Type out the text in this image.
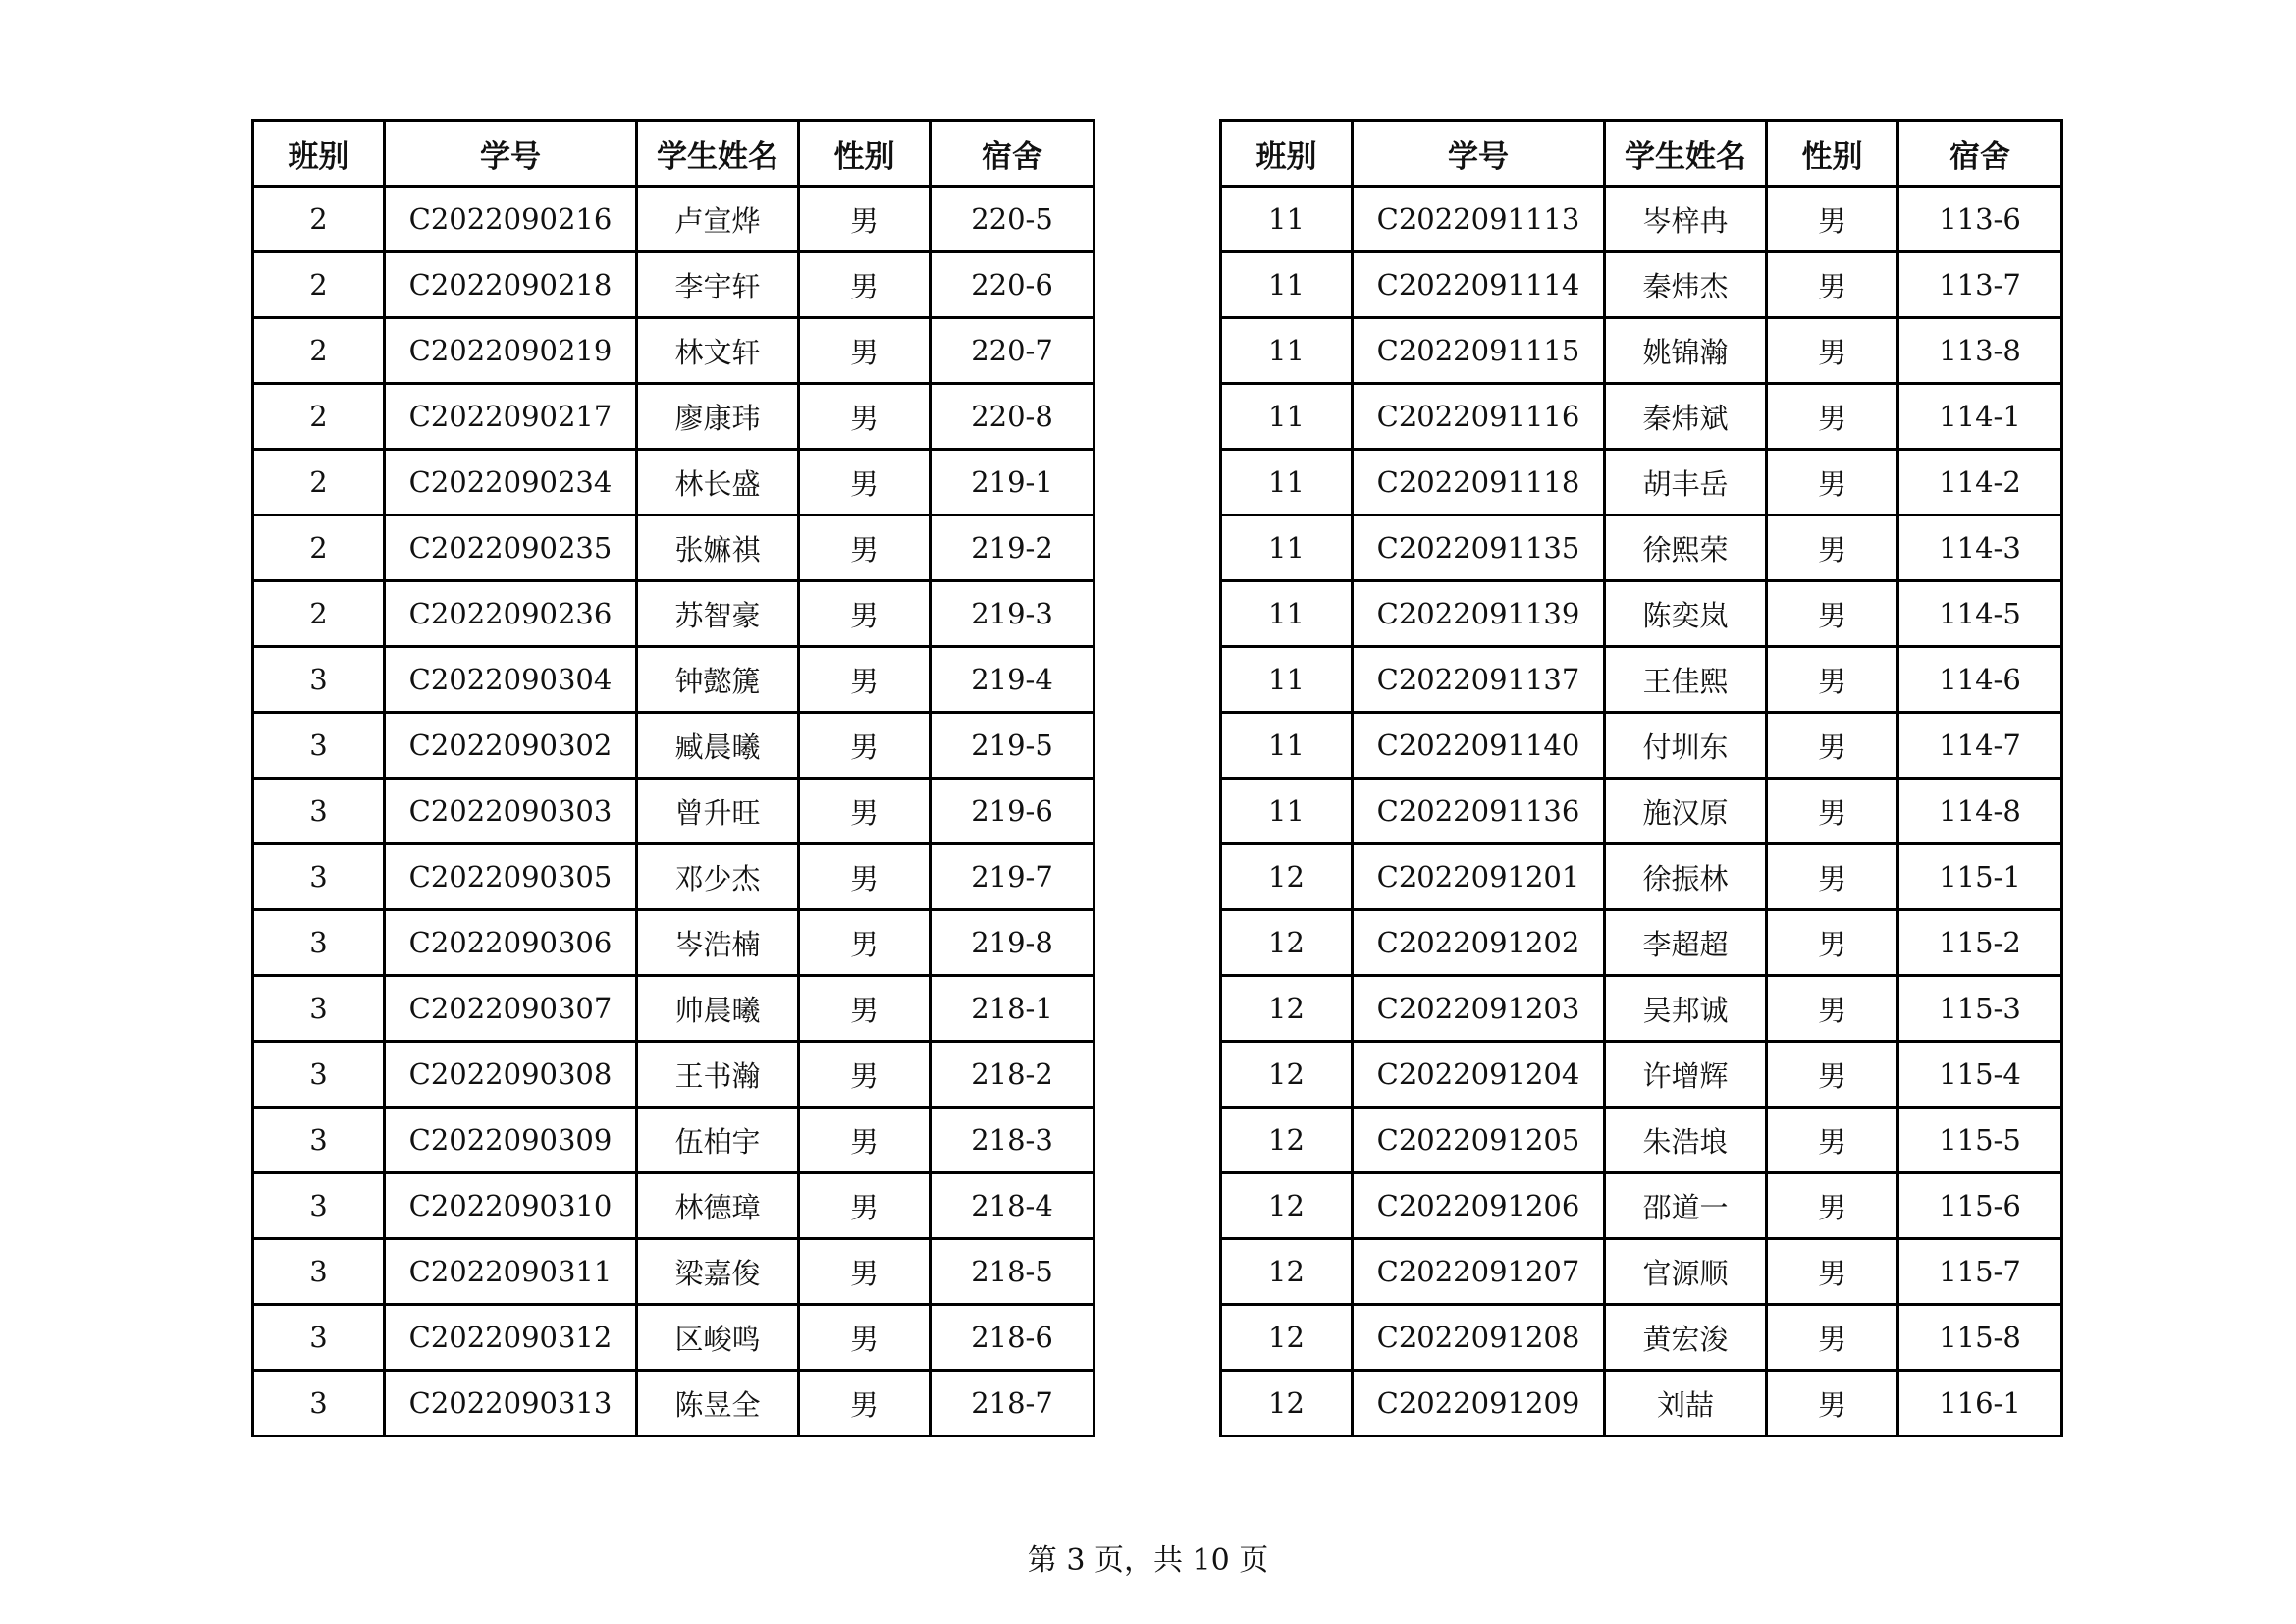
班别	学号	学生姓名	性别	宿舍
2	C2022090216	卢宣烨	男	220-5
2	C2022090218	李宇轩	男	220-6
2	C2022090219	林文轩	男	220-7
2	C2022090217	廖康玮	男	220-8
2	C2022090234	林长盛	男	219-1
2	C2022090235	张嫲祺	男	219-2
2	C2022090236	苏智豪	男	219-3
3	C2022090304	钟懿篪	男	219-4
3	C2022090302	臧晨曦	男	219-5
3	C2022090303	曾升旺	男	219-6
3	C2022090305	邓少杰	男	219-7
3	C2022090306	岑浩楠	男	219-8
3	C2022090307	帅晨曦	男	218-1
3	C2022090308	王书瀚	男	218-2
3	C2022090309	伍柏宇	男	218-3
3	C2022090310	林德璋	男	218-4
3	C2022090311	梁嘉俊	男	218-5
3	C2022090312	区峻鸣	男	218-6
3	C2022090313	陈昱全	男	218-7
班别	学号	学生姓名	性别	宿舍
11	C2022091113	岑梓冉	男	113-6
11	C2022091114	秦炜杰	男	113-7
11	C2022091115	姚锦瀚	男	113-8
11	C2022091116	秦炜斌	男	114-1
11	C2022091118	胡丰岳	男	114-2
11	C2022091135	徐熙荣	男	114-3
11	C2022091139	陈奕岚	男	114-5
11	C2022091137	王佳熙	男	114-6
11	C2022091140	付圳东	男	114-7
11	C2022091136	施汉原	男	114-8
12	C2022091201	徐振林	男	115-1
12	C2022091202	李超超	男	115-2
12	C2022091203	吴邦诚	男	115-3
12	C2022091204	许增辉	男	115-4
12	C2022091205	朱浩埌	男	115-5
12	C2022091206	邵道一	男	115-6
12	C2022091207	官源顺	男	115-7
12	C2022091208	黄宏浚	男	115-8
12	C2022091209	刘喆	男	116-1
第 3 页，共 10 页
